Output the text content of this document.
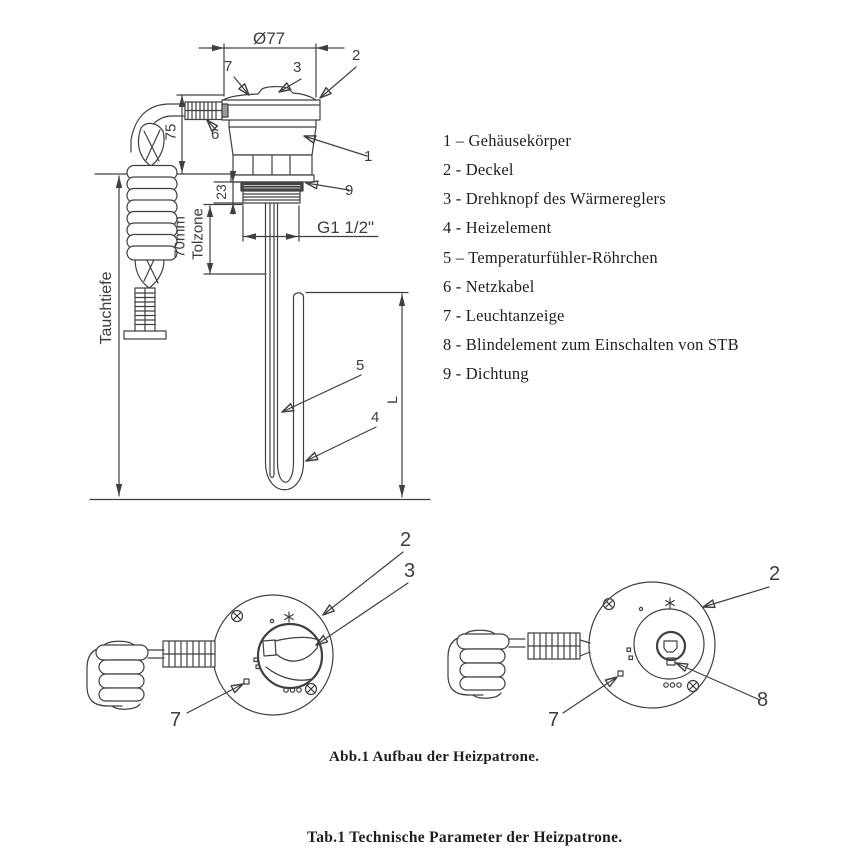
Ø77
75
23
70mm Tolzone
Tauchtiefe
G1 1/2"
L
7	3
2
1
9
6
5
4
2
3
7
2
8
7
1 – Gehäusekörper
2 - Deckel
3 - Drehknopf des Wärmereglers
4 - Heizelement
5 – Temperaturfühler-Röhrchen
6 - Netzkabel
7 - Leuchtanzeige
8 - Blindelement zum Einschalten von STB
9 - Dichtung
Abb.1 Aufbau der Heizpatrone.
Tab.1 Technische Parameter der Heizpatrone.
